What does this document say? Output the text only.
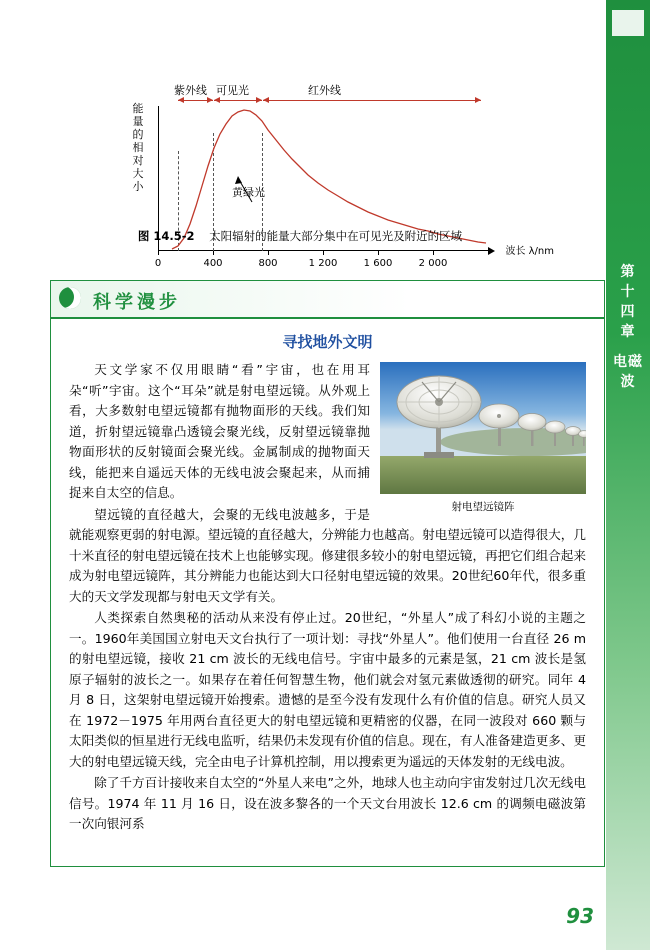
第
十
四
章
电磁波
能
量
的
相
对
大
小
0	400	800	1 200	1 600	2 000
波长 λ/nm
紫外线 可见光	红外线
黄绿光
图 14.5-2 太阳辐射的能量大部分集中在可见光及附近的区域
科学漫步
寻找地外文明
射电望远镜阵

天文学家不仅用眼睛“看”宇宙，也在用耳朵“听”宇宙。这个“耳朵”就是射电望远镜。从外观上看，大多数射电望远镜都有抛物面形的天线。我们知道，折射望远镜靠凸透镜会聚光线，反射望远镜靠抛物面形状的反射镜面会聚光线。金属制成的抛物面天线，能把来自遥远天体的无线电波会聚起来，从而捕捉来自太空的信息。

望远镜的直径越大，会聚的无线电波越多，于是就能观察更弱的射电源。望远镜的直径越大，分辨能力也越高。射电望远镜可以造得很大，几十米直径的射电望远镜在技术上也能够实现。修建很多较小的射电望远镜，再把它们组合起来成为射电望远镜阵，其分辨能力也能达到大口径射电望远镜的效果。20世纪60年代，很多重大的天文学发现都与射电天文学有关。

人类探索自然奥秘的活动从来没有停止过。20世纪，“外星人”成了科幻小说的主题之一。1960年美国国立射电天文台执行了一项计划：寻找“外星人”。他们使用一台直径 26 m 的射电望远镜，接收 21 cm 波长的无线电信号。宇宙中最多的元素是氢，21 cm 波长是氢原子辐射的波长之一。如果存在着任何智慧生物，他们就会对氢元素做透彻的研究。同年 4 月 8 日，这架射电望远镜开始搜索。遗憾的是至今没有发现什么有价值的信息。研究人员又在 1972－1975 年用两台直径更大的射电望远镜和更精密的仪器，在同一波段对 660 颗与太阳类似的恒星进行无线电监听，结果仍未发现有价值的信息。现在，有人准备建造更多、更大的射电望远镜天线，完全由电子计算机控制，用以搜索更为遥远的天体发射的无线电波。

除了千方百计接收来自太空的“外星人来电”之外，地球人也主动向宇宙发射过几次无线电信号。1974 年 11 月 16 日，设在波多黎各的一个天文台用波长 12.6 cm 的调频电磁波第一次向银河系

93
